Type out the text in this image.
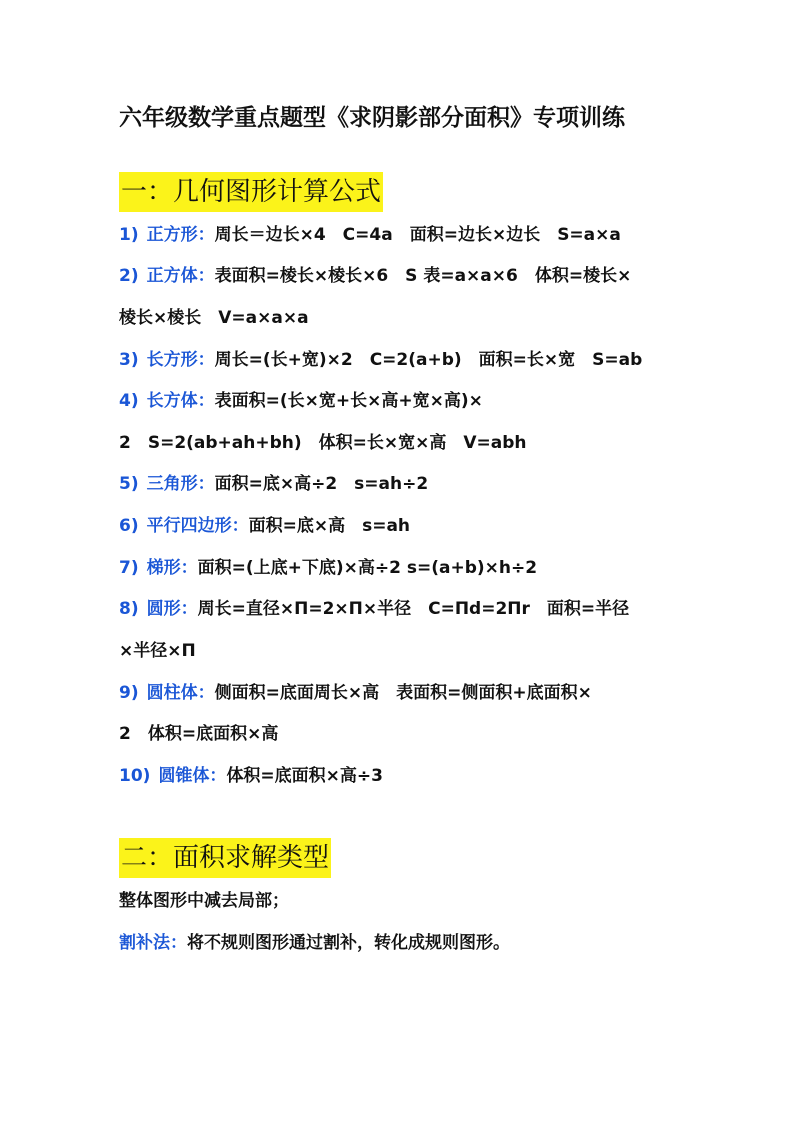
六年级数学重点题型《求阴影部分面积》专项训练
一：几何图形计算公式
1) 正方形：周长＝边长×4　C=4a　面积=边长×边长　S=a×a
2) 正方体：表面积=棱长×棱长×6　S 表=a×a×6　体积=棱长×
棱长×棱长　V=a×a×a
3) 长方形：周长=(长+宽)×2　C=2(a+b)　面积=长×宽　S=ab
4) 长方体：表面积=(长×宽+长×高+宽×高)×
2　S=2(ab+ah+bh)　体积=长×宽×高　V=abh
5) 三角形：面积=底×高÷2　s=ah÷2
6) 平行四边形：面积=底×高　s=ah
7) 梯形：面积=(上底+下底)×高÷2 s=(a+b)×h÷2
8) 圆形：周长=直径×Π=2×Π×半径　C=Πd=2Πr　面积=半径
×半径×Π
9) 圆柱体：侧面积=底面周长×高　表面积=侧面积+底面积×
2　体积=底面积×高
10) 圆锥体：体积=底面积×高÷3
二：面积求解类型
整体图形中减去局部；
割补法：将不规则图形通过割补，转化成规则图形。
